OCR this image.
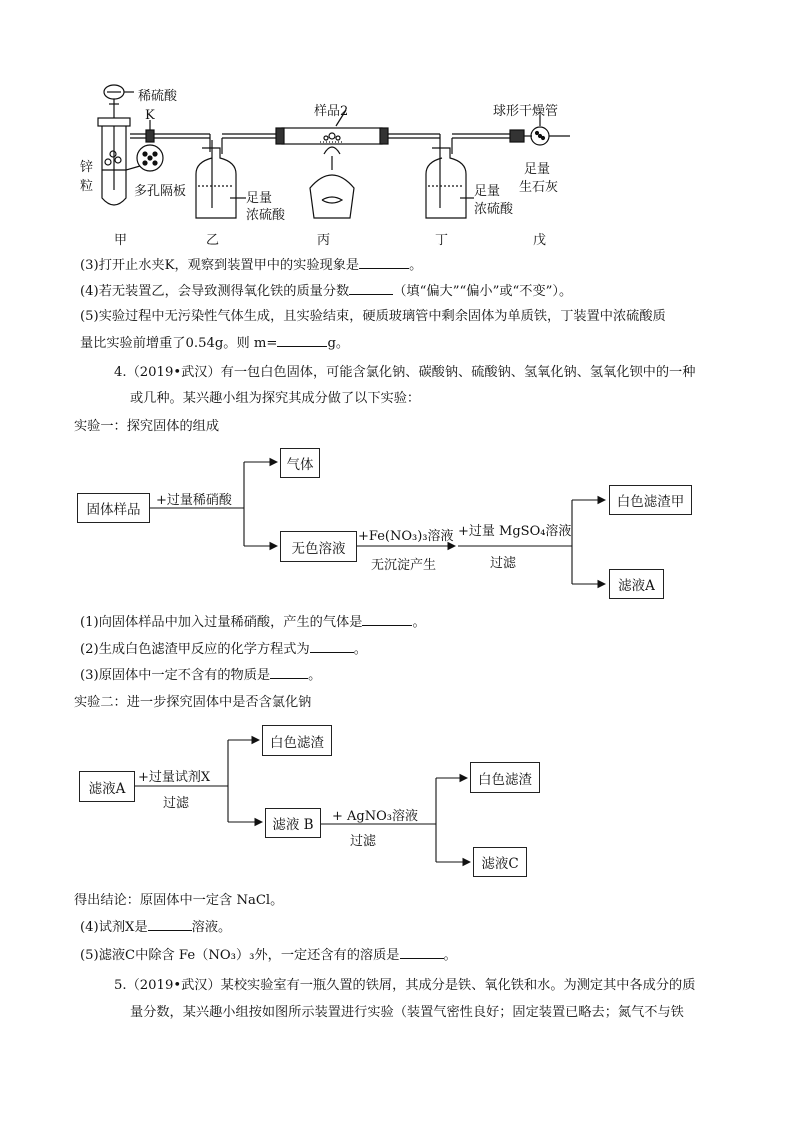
稀硫酸
K
锌
粒	多孔隔板
样品2	球形干燥管
足量
浓硫酸
足量
浓硫酸
足量
生石灰
甲	乙	丙	丁	戊
(3)打开止水夹K，观察到装置甲中的实验现象是	。
(4)若无装置乙，会导致测得氧化铁的质量分数	（填“偏大”“偏小”或“不变”）。
(5)实验过程中无污染性气体生成，且实验结束，硬质玻璃管中剩余固体为单质铁，丁装置中浓硫酸质
量比实验前增重了0.54g。则 m=	g。
4.（2019•武汉）有一包白色固体，可能含氯化钠、碳酸钠、硫酸钠、氢氧化钠、氢氧化钡中的一种
或几种。某兴趣小组为探究其成分做了以下实验：
实验一：探究固体的组成
固体样品
+过量稀硝酸
气体
无色溶液
+Fe(NO₃)₃溶液
无沉淀产生
+过量 MgSO₄溶液
过滤
白色滤渣甲
滤液A
(1)向固体样品中加入过量稀硝酸，产生的气体是	。
(2)生成白色滤渣甲反应的化学方程式为	。
(3)原固体中一定不含有的物质是	。
实验二：进一步探究固体中是否含氯化钠
滤液A
+过量试剂X
过滤
白色滤渣
滤液 B
+ AgNO₃溶液
过滤
白色滤渣
滤液C
得出结论：原固体中一定含 NaCl。
(4)试剂X是	溶液。
(5)滤液C中除含 Fe（NO₃）₃外，一定还含有的溶质是	。
5.（2019•武汉）某校实验室有一瓶久置的铁屑，其成分是铁、氧化铁和水。为测定其中各成分的质
量分数，某兴趣小组按如图所示装置进行实验（装置气密性良好；固定装置已略去；氮气不与铁
